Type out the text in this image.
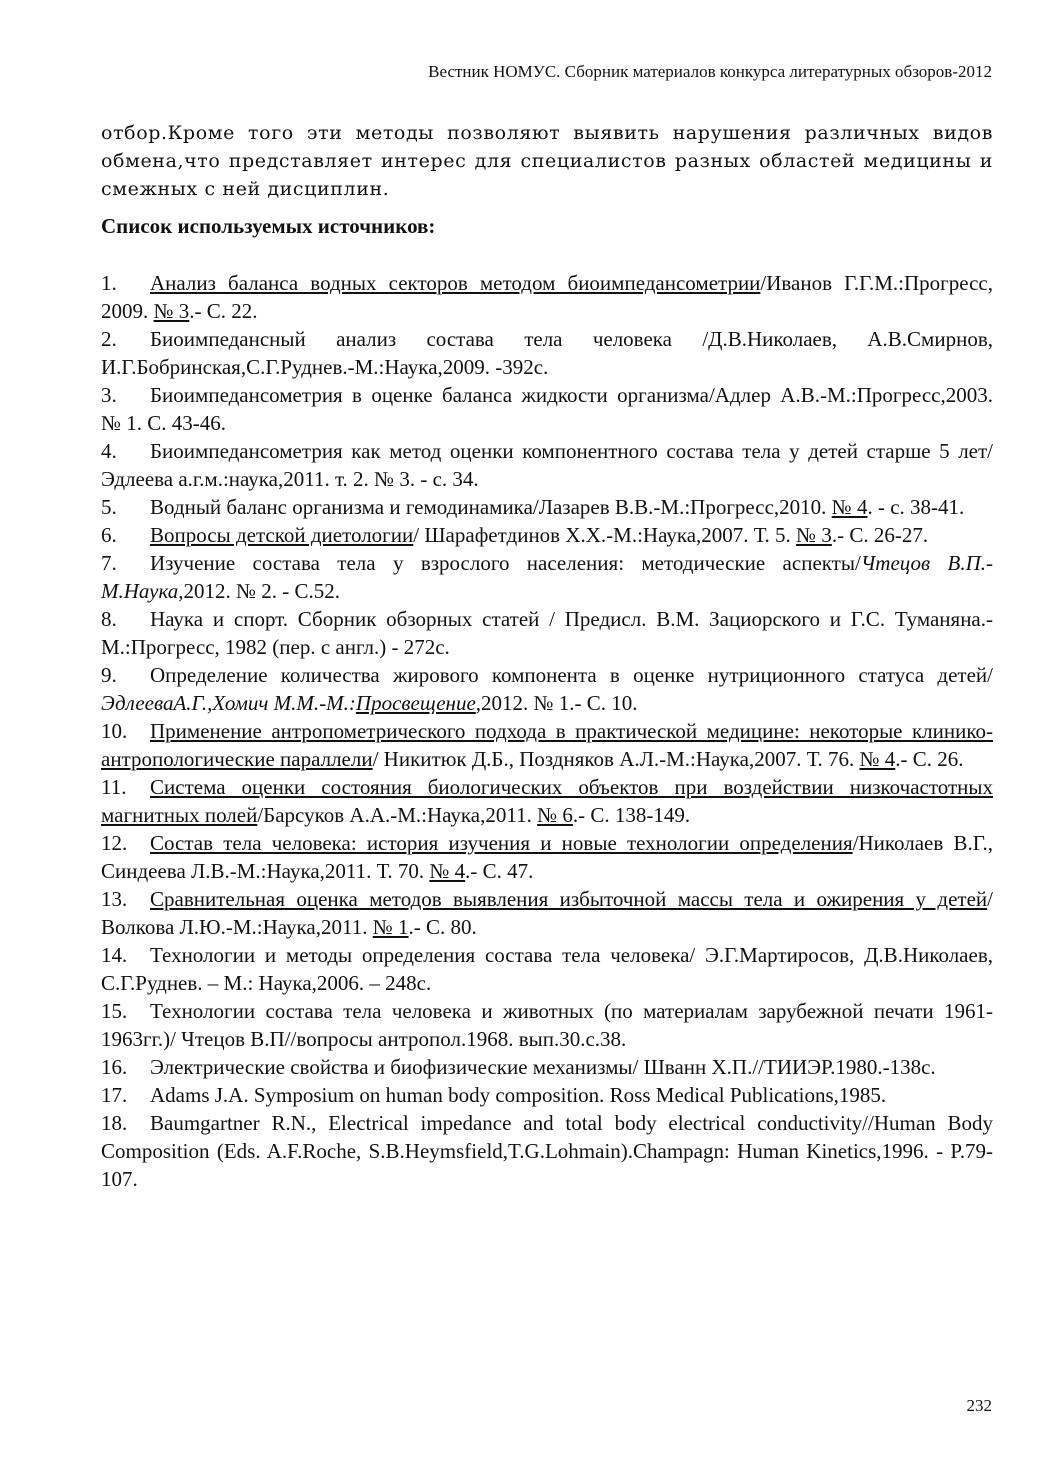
Вестник НОМУС. Сборник материалов конкурса литературных обзоров-2012

отбор.Кроме того эти методы позволяют выявить нарушения различных видов обмена,что представляет интерес для специалистов разных областей медицины и смежных с ней дисциплин.

Список используемых источников:
1. Анализ баланса водных секторов методом биоимпедансометрии/Иванов Г.Г.М.:Прогресс, 2009. № 3.- С. 22.
2. Биоимпедансный анализ состава тела человека /Д.В.Николаев, А.В.Смирнов, И.Г.Бобринская,С.Г.Руднев.-М.:Наука,2009. -392с.
3. Биоимпедансометрия в оценке баланса жидкости организма/Адлер А.В.-М.:Прогресс,2003. № 1. С. 43-46.
4. Биоимпедансометрия как метод оценки компонентного состава тела у детей старше 5 лет/Эдлеева а.г.м.:наука,2011. т. 2. № 3. - с. 34.
5. Водный баланс организма и гемодинамика/Лазарев В.В.-М.:Прогресс,2010. № 4. - с. 38-41.
6. Вопросы детской диетологии/ Шарафетдинов Х.Х.-М.:Наука,2007. Т. 5. № 3.- С. 26-27.
7. Изучение состава тела у взрослого населения: методические аспекты/Чтецов В.П.-М.Наука,2012. № 2. - С.52.
8. Наука и спорт. Сборник обзорных статей / Предисл. В.М. Зациорского и Г.С. Туманяна.-М.:Прогресс, 1982 (пер. с англ.) - 272с.
9. Определение количества жирового компонента в оценке нутриционного статуса детей/ЭдлееваА.Г.,Хомич М.М.-М.:Просвещение,2012. № 1.- С. 10.
10. Применение антропометрического подхода в практической медицине: некоторые клинико- антропологические параллели/ Никитюк Д.Б., Поздняков А.Л.-М.:Наука,2007. Т. 76. № 4.- С. 26.
11. Система оценки состояния биологических объектов при воздействии низкочастотных магнитных полей/Барсуков А.А.-М.:Наука,2011. № 6.- С. 138-149.
12. Состав тела человека: история изучения и новые технологии определения/Николаев В.Г., Синдеева Л.В.-М.:Наука,2011. Т. 70. № 4.- С. 47.
13. Сравнительная оценка методов выявления избыточной массы тела и ожирения у детей/Волкова Л.Ю.-М.:Наука,2011. № 1.- С. 80.
14. Технологии и методы определения состава тела человека/ Э.Г.Мартиросов, Д.В.Николаев, С.Г.Руднев. – М.: Наука,2006. – 248с.
15. Технологии состава тела человека и животных (по материалам зарубежной печати 1961-1963гг.)/ Чтецов В.П//вопросы антропол.1968. вып.30.с.38.
16. Электрические свойства и биофизические механизмы/ Шванн Х.П.//ТИИЭР.1980.-138с.
17. Adams J.A. Symposium on human body composition. Ross Medical Publications,1985.
18. Baumgartner R.N., Electrical impedance and total body electrical conductivity//Human Body Composition (Eds. A.F.Roche, S.B.Heymsfield,T.G.Lohmain).Champagn: Human Kinetics,1996. - P.79-107.
232
